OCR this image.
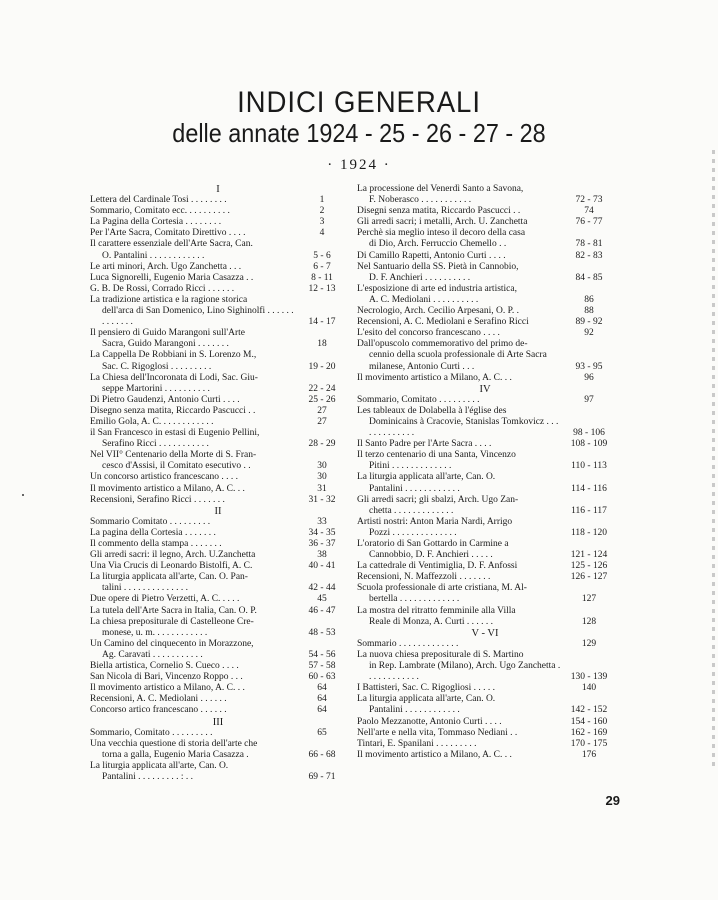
INDICI GENERALI
delle annate 1924 - 25 - 26 - 27 - 28
· 1924 ·
I
Lettera del Cardinale Tosi . . . . . . . .	1
Sommario, Comitato ecc. . . . . . . . . .	2
La Pagina della Cortesia . . . . . . . .	3
Per l'Arte Sacra, Comitato Direttivo . . . .	4
Il carattere essenziale dell'Arte Sacra, Can.
O. Pantalini . . . . . . . . . . . .	5 - 6
Le arti minori, Arch. Ugo Zanchetta . . .	6 - 7
Luca Signorelli, Eugenio Maria Casazza . .	8 - 11
G. B. De Rossi, Corrado Ricci . . . . . .	12 - 13
La tradizione artistica e la ragione storica
dell'arca di San Domenico, Lino Sighinolfi . . . . . . . . . . . . .	14 - 17
Il pensiero di Guido Marangoni sull'Arte
Sacra, Guido Marangoni . . . . . . .	18
La Cappella De Robbiani in S. Lorenzo M.,
Sac. C. Rigoglosi . . . . . . . . .	19 - 20
La Chiesa dell'Incoronata di Lodi, Sac. Giu-
seppe Martorini . . . . . . . . . .	22 - 24
Di Pietro Gaudenzi, Antonio Curti . . . .	25 - 26
Disegno senza matita, Riccardo Pascucci . .	27
Emilio Gola, A. C. . . . . . . . . . . .	27
il San Francesco in estasi di Eugenio Pellini,
Serafino Ricci . . . . . . . . . . .	28 - 29
Nel VII° Centenario della Morte di S. Fran-
cesco d'Assisi, il Comitato esecutivo . .	30
Un concorso artistico francescano . . . .	30
Il movimento artistico a Milano, A. C. . .	31
Recensioni, Serafino Ricci . . . . . . .	31 - 32
II
Sommario Comitato . . . . . . . . .	33
La pagina della Cortesia . . . . . . .	34 - 35
Il commento della stampa . . . . . . .	36 - 37
Gli arredi sacri: il legno, Arch. U.Zanchetta	38
Una Via Crucis di Leonardo Bistolfi, A. C.	40 - 41
La liturgia applicata all'arte, Can. O. Pan-
talini . . . . . . . . . . . . . .	42 - 44
Due opere di Pietro Verzetti, A. C. . . . .	45
La tutela dell'Arte Sacra in Italia, Can. O. P.	46 - 47
La chiesa prepositurale di Castelleone Cre-
monese, u. m. . . . . . . . . . . .	48 - 53
Un Camino del cinquecento in Morazzone,
Ag. Caravati . . . . . . . . . . .	54 - 56
Biella artistica, Cornelio S. Cueco . . . .	57 - 58
San Nicola di Bari, Vincenzo Roppo . . .	60 - 63
Il movimento artistico a Milano, A. C. . .	64
Recensioni, A. C. Mediolani . . . . . .	64
Concorso artico francescano . . . . . .	64
III
Sommario, Comitato . . . . . . . . .	65
Una vecchia questione di storia dell'arte che
torna a galla, Eugenio Maria Casazza .	66 - 68
La liturgia applicata all'arte, Can. O.
Pantalini . . . . . . . . . : . .	69 - 71
La processione del Venerdì Santo a Savona,
F. Noberasco . . . . . . . . . . .	72 - 73
Disegni senza matita, Riccardo Pascucci . .	74
Gli arredi sacri; i metalli, Arch. U. Zanchetta	76 - 77
Perchè sia meglio inteso il decoro della casa
di Dio, Arch. Ferruccio Chemello . .	78 - 81
Di Camillo Rapetti, Antonio Curti . . . .	82 - 83
Nel Santuario della SS. Pietà in Cannobio,
D. F. Anchieri . . . . . . . . . .	84 - 85
L'esposizione di arte ed industria artistica,
A. C. Mediolani . . . . . . . . . .	86
Necrologio, Arch. Cecilio Arpesani, O. P. .	88
Recensioni, A. C. Mediolani e Serafino Ricci	89 - 92
L'esito del concorso francescano . . . .	92
Dall'opuscolo commemorativo del primo de-
cennio della scuola professionale di Arte Sacra milanese, Antonio Curti . . .	93 - 95
Il movimento artistico a Milano, A. C. . .	96
IV
Sommario, Comitato . . . . . . . . .	97
Les tableaux de Dolabella à l'église des
Dominicains à Cracovie, Stanislas Tomkovicz . . . . . . . . . . . . .	98 - 106
Il Santo Padre per l'Arte Sacra . . . .	108 - 109
Il terzo centenario di una Santa, Vincenzo
Pitini . . . . . . . . . . . . .	110 - 113
La liturgia applicata all'arte, Can. O.
Pantalini . . . . . . . . . . . .	114 - 116
Gli arredi sacri; gli sbalzi, Arch. Ugo Zan-
chetta . . . . . . . . . . . . .	116 - 117
Artisti nostri: Anton Maria Nardi, Arrigo
Pozzi . . . . . . . . . . . . . .	118 - 120
L'oratorio di San Gottardo in Carmine a
Cannobbio, D. F. Anchieri . . . . .	121 - 124
La cattedrale di Ventimiglia, D. F. Anfossi	125 - 126
Recensioni, N. Maffezzoli . . . . . . .	126 - 127
Scuola professionale di arte cristiana, M. Al-
bertella . . . . . . . . . . . . .	127
La mostra del ritratto femminile alla Villa
Reale di Monza, A. Curti . . . . . .	128
V - VI
Sommario . . . . . . . . . . . . .	129
La nuova chiesa prepositurale di S. Martino
in Rep. Lambrate (Milano), Arch. Ugo Zanchetta . . . . . . . . . . . .	130 - 139
I Battisteri, Sac. C. Rigogliosi . . . . .	140
La liturgia applicata all'arte, Can. O.
Pantalini . . . . . . . . . . . .	142 - 152
Paolo Mezzanotte, Antonio Curti . . . .	154 - 160
Nell'arte e nella vita, Tommaso Nediani . .	162 - 169
Tintari, E. Spanilani . . . . . . . . .	170 - 175
Il movimento artistico a Milano, A. C. . .	176
29
